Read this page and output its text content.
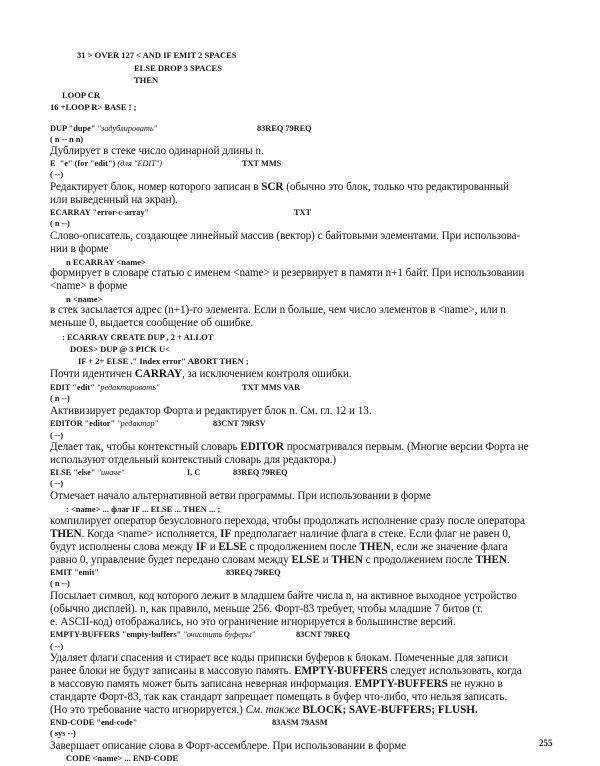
31 > OVER 127 < AND IF EMIT 2 SPACES
ELSE DROP 3 SPACES
THEN
LOOP CR
16 +LOOP R> BASE ! ;
DUP "dupe" "задублировать"	83REQ 79REQ
( n -- n n)
Дублирует в стеке число одинарной длины n.
E "e" (for "edit") (для "EDIT")	TXT MMS
( --)
Редактирует блок, номер которого записан в SCR (обычно это блок, только что редактированный
или выведенный на экран).
ECARRAY "error-c-array"	TXT
( n --)
Слово-описатель, создающее линейный массив (вектор) с байтовыми элементами. При использова-
нии в форме
n ECARRAY <name>
формирует в словаре статью с именем <name> и резервирует в памяти n+1 байт. При использовании
<name> в форме
n <name>
в стек засылается адрес (n+1)-го элемента. Если n больше, чем число элементов в <name>, или n
меньше 0, выдается сообщение об ошибке.
: ECARRAY CREATE DUP , 2 + ALLOT
DOES> DUP @ 3 PICK U<
IF + 2+ ELSE ." Index error" ABORT THEN ;
Почти идентичен CARRAY, за исключением контроля ошибки.
EDIT "edit" "редактировать"	TXT MMS VAR
( n --)
Активизирует редактор Форта и редактирует блок n. См. гл. 12 и 13.
EDITOR "editor" "редактор"	83CNT 79RSV
( --)
Делает так, чтобы контекстный словарь EDITOR просматривался первым. (Многие версии Форта не
используют отдельный контекстный словарь для редактора.)
ELSE "else" "иначе"	I, C	83REQ 79REQ
( --)
Отмечает начало альтернативной ветви программы. При использовании в форме
: <name> ... флаг IF ... ELSE ... THEN ... ;
компилирует оператор безусловного перехода, чтобы продолжать исполнение сразу после оператора
THEN. Когда <name> исполняется, IF предполагает наличие флага в стеке. Если флаг не равен 0,
будут исполнены слова между IF и ELSE с продолжением после THEN, если же значение флага
равно 0, управление будет передано словам между ELSE и THEN с продолжением после THEN.
EMIT "emit"	83REQ 79REQ
( n --)
Посылает символ, код которого лежит в младшем байте числа n, на активное выходное устройство
(обычно дисплей). n, как правило, меньше 256. Форт-83 требует, чтобы младшие 7 битов (т.
е. ASCII-код) отображались, но это ограничение игнорируется в большинстве версий.
EMPTY-BUFFERS "empty-buffers" "очистить буферы"	83CNT 79REQ
( --)
Удаляет флаги спасения и стирает все коды приписки буферов к блокам. Помеченные для записи
ранее блоки не будут записаны в массовую память. EMPTY-BUFFERS следует использовать, когда
в массовую память может быть записана неверная информация. EMPTY-BUFFERS не нужно в
стандарте Форт-83, так как стандарт запрещает помещать в буфер что-либо, что нельзя записать.
(Но это требование часто игнорируется.) См. также BLOCK; SAVE-BUFFERS; FLUSH.
END-CODE "end-code"	83ASM 79ASM
( sys --)
Завершает описание слова в Форт-ассемблере. При использовании в форме
CODE <name> ... END-CODE
255
